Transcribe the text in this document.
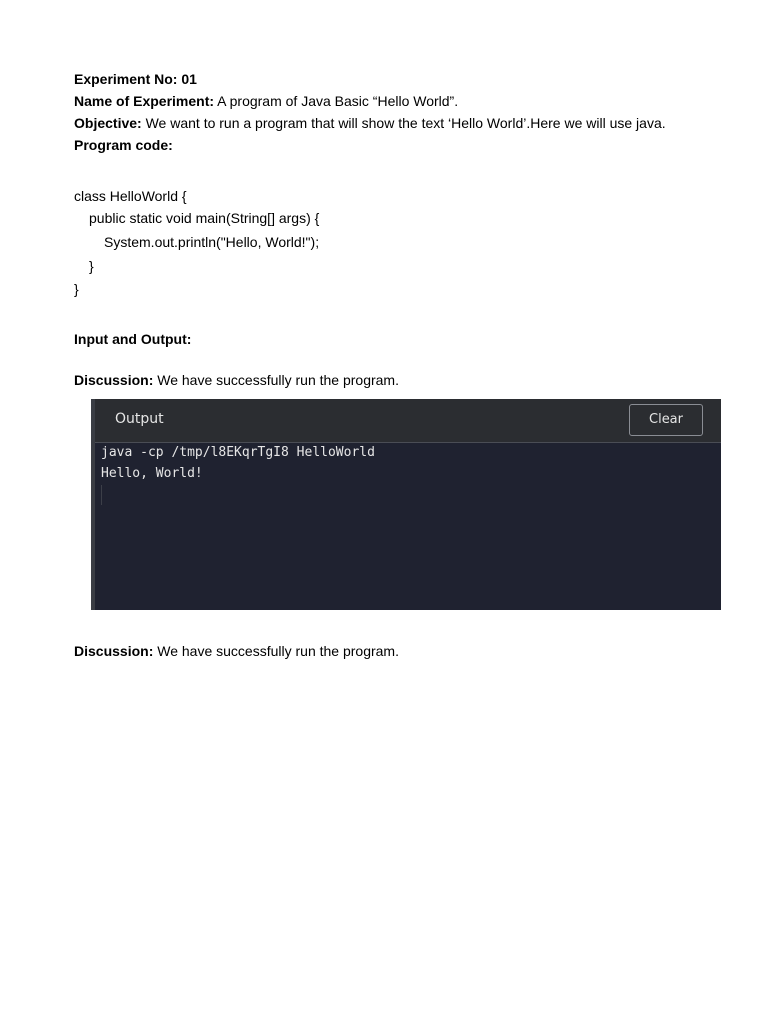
Experiment No: 01
Name of Experiment: A program of Java Basic “Hello World”.
Objective: We want to run a program that will show the text ‘Hello World’.Here we will use java.
Program code:
class HelloWorld {
public static void main(String[] args) {
System.out.println("Hello, World!");
}
}
Input and Output:
Discussion: We have successfully run the program.
Output	Clear
java -cp /tmp/l8EKqrTgI8 HelloWorld
Hello, World!
Discussion: We have successfully run the program.
